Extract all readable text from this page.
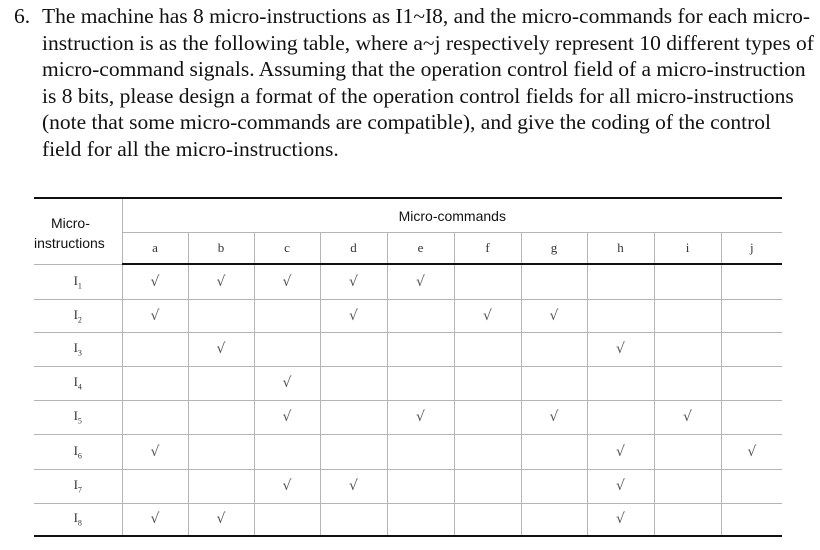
6. The machine has 8 micro-instructions as I1~I8, and the micro-commands for each micro-instruction is as the following table, where a~j respectively represent 10 different types of micro-command signals. Assuming that the operation control field of a micro-instruction is 8 bits, please design a format of the operation control fields for all micro-instructions (note that some micro-commands are compatible), and give the coding of the control field for all the micro-instructions.
Micro-
instructions	Micro-commands									
	a	b	c	d	e	f	g	h	i	j
$I_1$	√	√	√	√	√					
$I_2$	√			√		√	√			
$I_3$		√						√		
$I_4$			√							
$I_5$			√		√		√		√	
$I_6$	√							√		√
$I_7$			√	√				√		
$I_8$	√	√						√		
